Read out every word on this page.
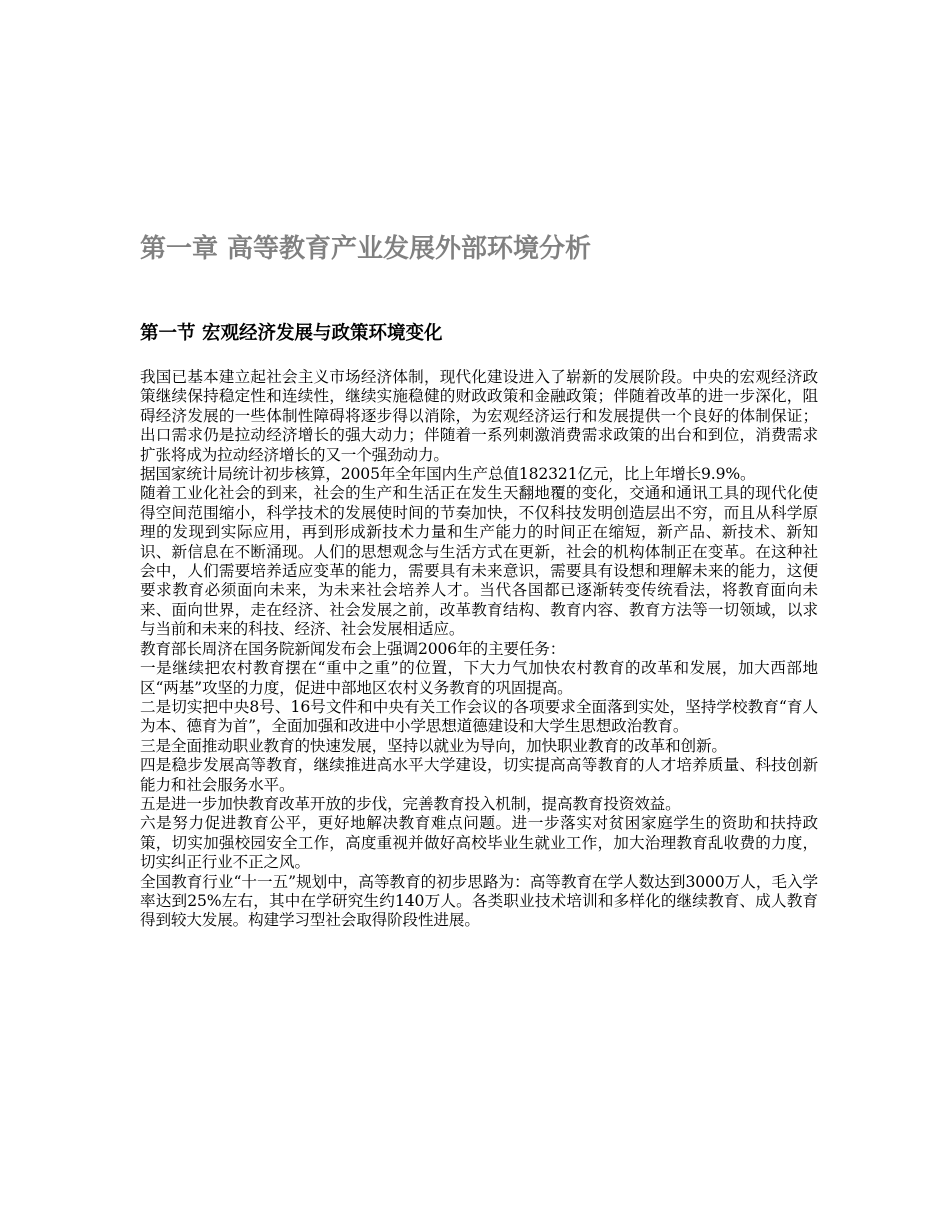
第一章 高等教育产业发展外部环境分析
第一节 宏观经济发展与政策环境变化

我国已基本建立起社会主义市场经济体制，现代化建设进入了崭新的发展阶段。中央的宏观经济政策继续保持稳定性和连续性，继续实施稳健的财政政策和金融政策；伴随着改革的进一步深化，阻碍经济发展的一些体制性障碍将逐步得以消除，为宏观经济运行和发展提供一个良好的体制保证；出口需求仍是拉动经济增长的强大动力；伴随着一系列刺激消费需求政策的出台和到位，消费需求扩张将成为拉动经济增长的又一个强劲动力。

据国家统计局统计初步核算，2005年全年国内生产总值182321亿元，比上年增长9.9%。

随着工业化社会的到来，社会的生产和生活正在发生天翻地覆的变化，交通和通讯工具的现代化使得空间范围缩小，科学技术的发展使时间的节奏加快，不仅科技发明创造层出不穷，而且从科学原理的发现到实际应用，再到形成新技术力量和生产能力的时间正在缩短，新产品、新技术、新知识、新信息在不断涌现。人们的思想观念与生活方式在更新，社会的机构体制正在变革。在这种社会中，人们需要培养适应变革的能力，需要具有未来意识，需要具有设想和理解未来的能力，这便要求教育必须面向未来，为未来社会培养人才。当代各国都已逐渐转变传统看法，将教育面向未来、面向世界，走在经济、社会发展之前，改革教育结构、教育内容、教育方法等一切领域，以求与当前和未来的科技、经济、社会发展相适应。

教育部长周济在国务院新闻发布会上强调2006年的主要任务：

一是继续把农村教育摆在“重中之重”的位置，下大力气加快农村教育的改革和发展，加大西部地区“两基”攻坚的力度，促进中部地区农村义务教育的巩固提高。

二是切实把中央8号、16号文件和中央有关工作会议的各项要求全面落到实处，坚持学校教育“育人为本、德育为首”，全面加强和改进中小学思想道德建设和大学生思想政治教育。

三是全面推动职业教育的快速发展，坚持以就业为导向，加快职业教育的改革和创新。

四是稳步发展高等教育，继续推进高水平大学建设，切实提高高等教育的人才培养质量、科技创新能力和社会服务水平。

五是进一步加快教育改革开放的步伐，完善教育投入机制，提高教育投资效益。

六是努力促进教育公平，更好地解决教育难点问题。进一步落实对贫困家庭学生的资助和扶持政策，切实加强校园安全工作，高度重视并做好高校毕业生就业工作，加大治理教育乱收费的力度，切实纠正行业不正之风。

全国教育行业“十一五”规划中，高等教育的初步思路为：高等教育在学人数达到3000万人，毛入学率达到25%左右，其中在学研究生约140万人。各类职业技术培训和多样化的继续教育、成人教育得到较大发展。构建学习型社会取得阶段性进展。
